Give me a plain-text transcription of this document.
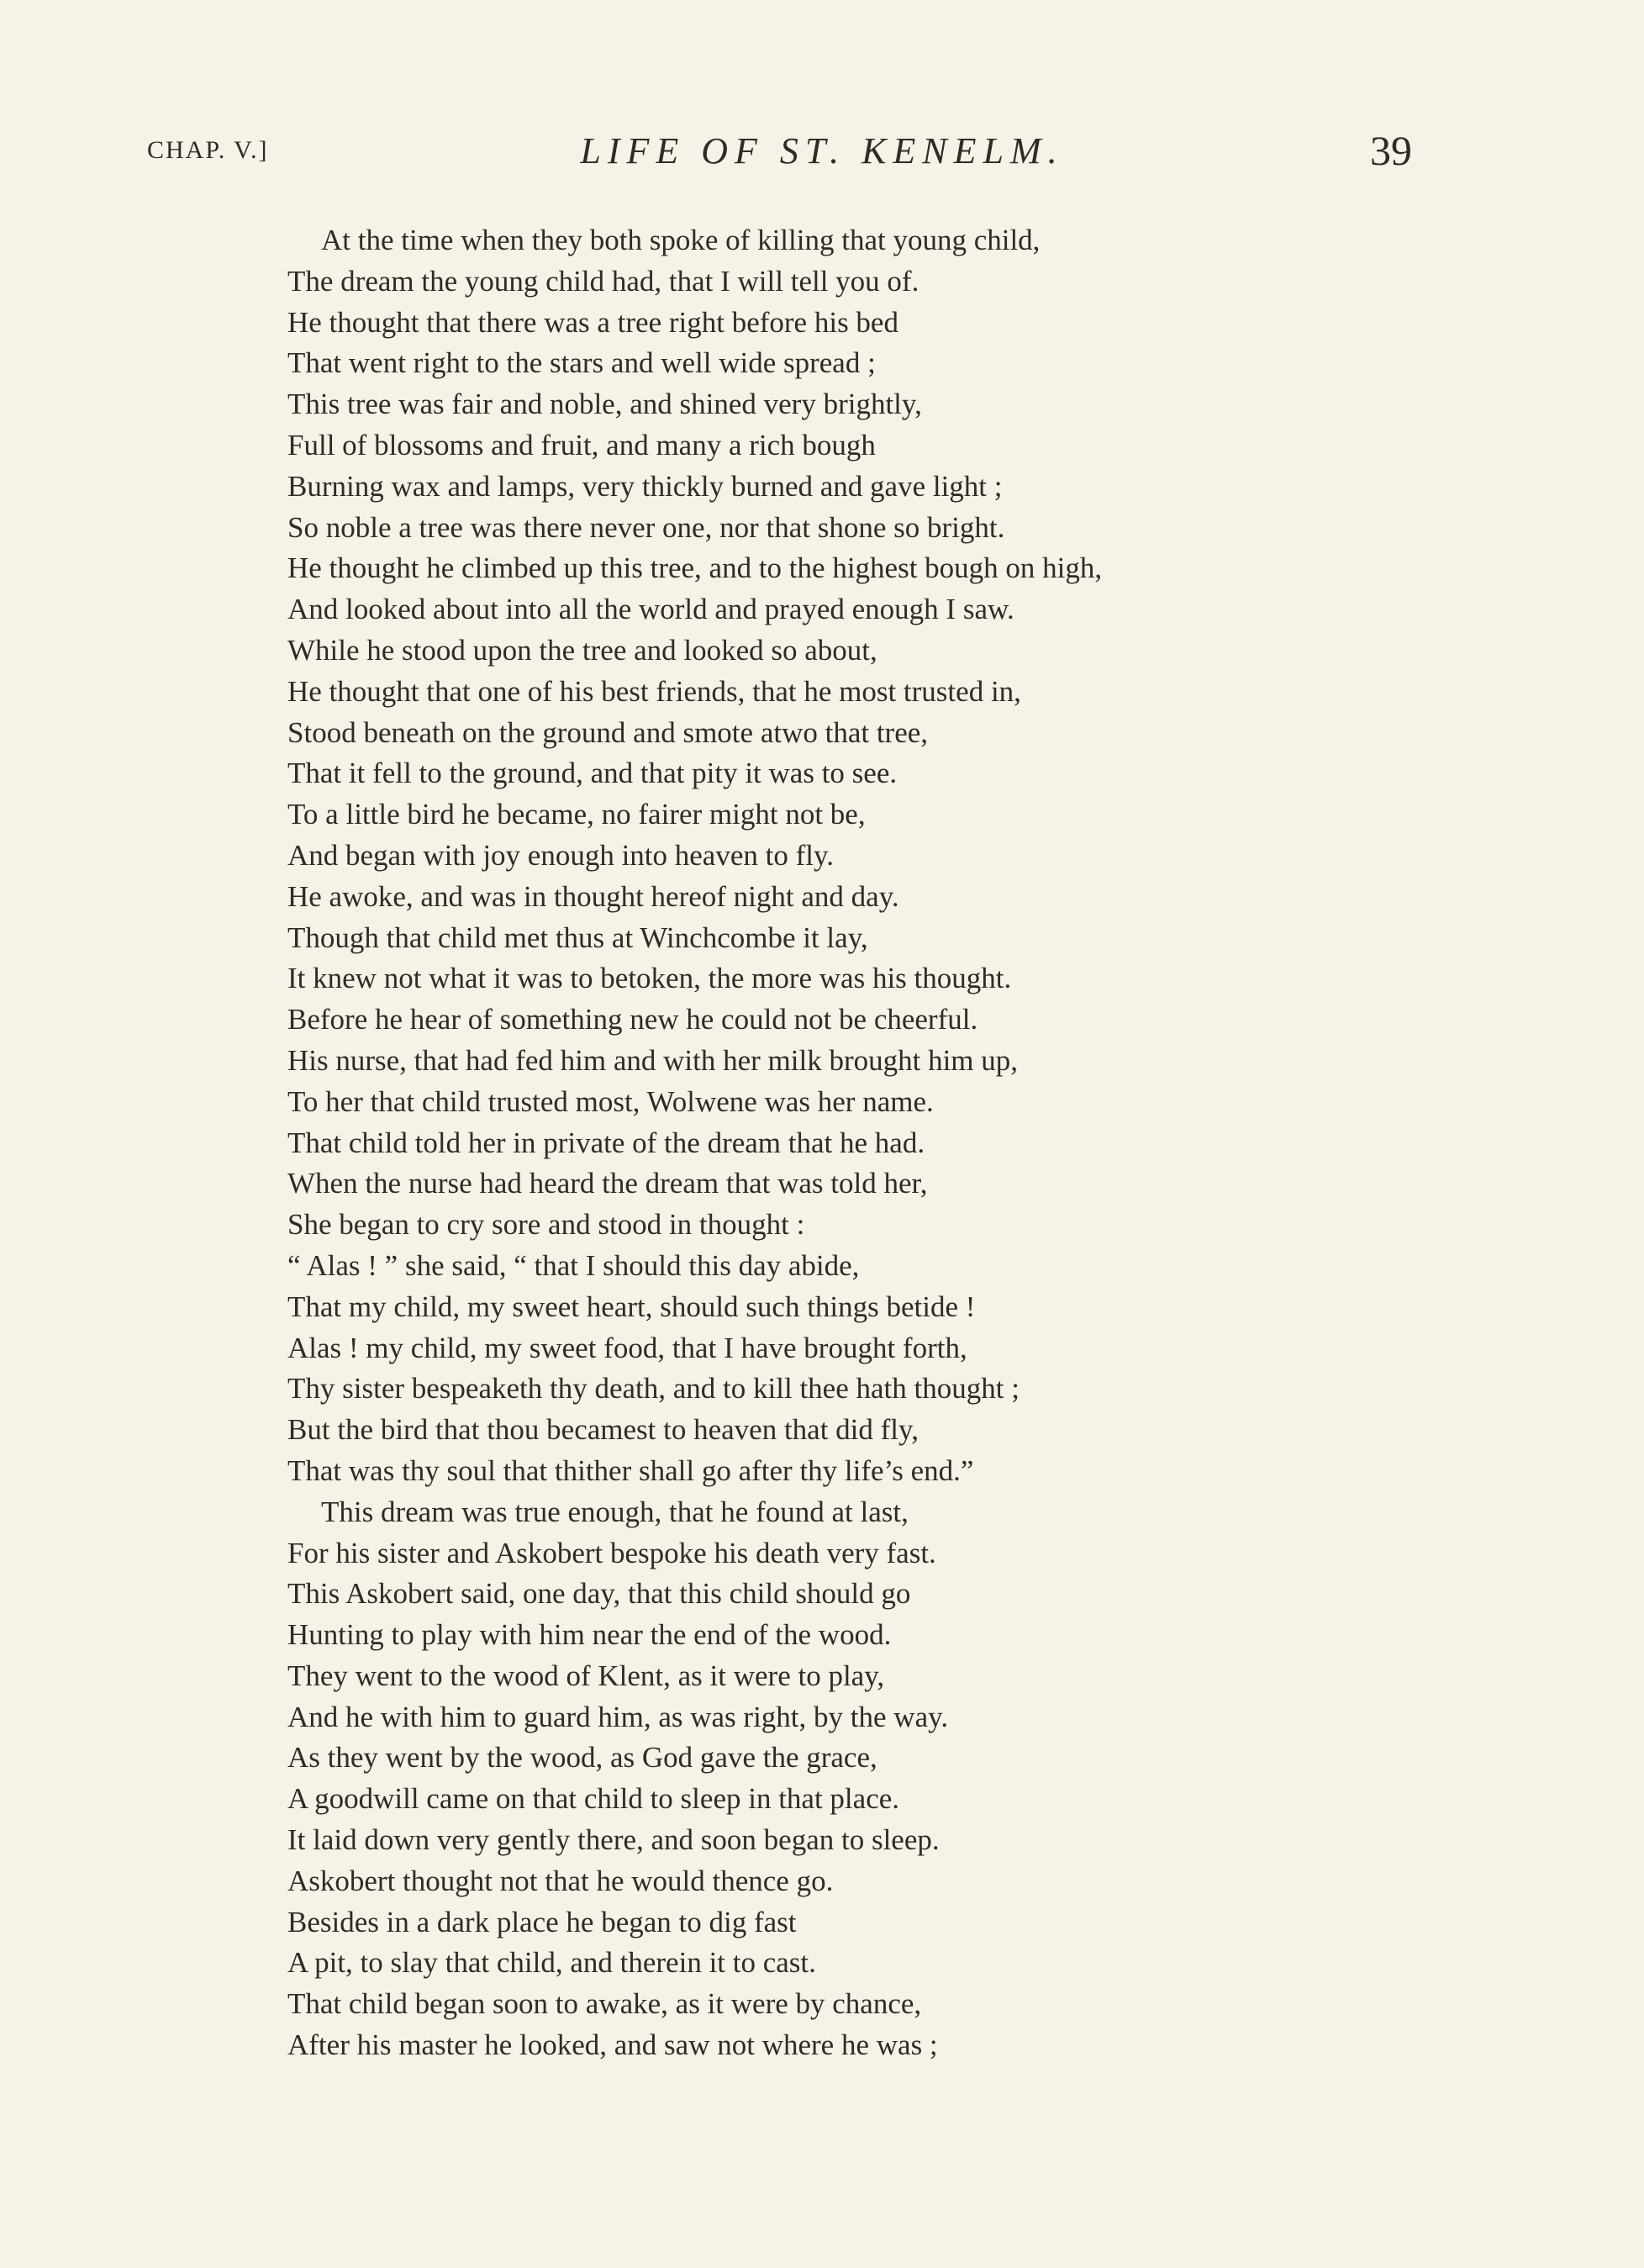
CHAP. V.]	LIFE OF ST. KENELM.	39
At the time when they both spoke of killing that young child,
The dream the young child had, that I will tell you of.
He thought that there was a tree right before his bed
That went right to the stars and well wide spread ;
This tree was fair and noble, and shined very brightly,
Full of blossoms and fruit, and many a rich bough
Burning wax and lamps, very thickly burned and gave light ;
So noble a tree was there never one, nor that shone so bright.
He thought he climbed up this tree, and to the highest bough on high,
And looked about into all the world and prayed enough I saw.
While he stood upon the tree and looked so about,
He thought that one of his best friends, that he most trusted in,
Stood beneath on the ground and smote atwo that tree,
That it fell to the ground, and that pity it was to see.
To a little bird he became, no fairer might not be,
And began with joy enough into heaven to fly.
He awoke, and was in thought hereof night and day.
Though that child met thus at Winchcombe it lay,
It knew not what it was to betoken, the more was his thought.
Before he hear of something new he could not be cheerful.
His nurse, that had fed him and with her milk brought him up,
To her that child trusted most, Wolwene was her name.
That child told her in private of the dream that he had.
When the nurse had heard the dream that was told her,
She began to cry sore and stood in thought :
“ Alas ! ” she said, “ that I should this day abide,
That my child, my sweet heart, should such things betide !
Alas ! my child, my sweet food, that I have brought forth,
Thy sister bespeaketh thy death, and to kill thee hath thought ;
But the bird that thou becamest to heaven that did fly,
That was thy soul that thither shall go after thy life’s end.”
This dream was true enough, that he found at last,
For his sister and Askobert bespoke his death very fast.
This Askobert said, one day, that this child should go
Hunting to play with him near the end of the wood.
They went to the wood of Klent, as it were to play,
And he with him to guard him, as was right, by the way.
As they went by the wood, as God gave the grace,
A goodwill came on that child to sleep in that place.
It laid down very gently there, and soon began to sleep.
Askobert thought not that he would thence go.
Besides in a dark place he began to dig fast
A pit, to slay that child, and therein it to cast.
That child began soon to awake, as it were by chance,
After his master he looked, and saw not where he was ;
